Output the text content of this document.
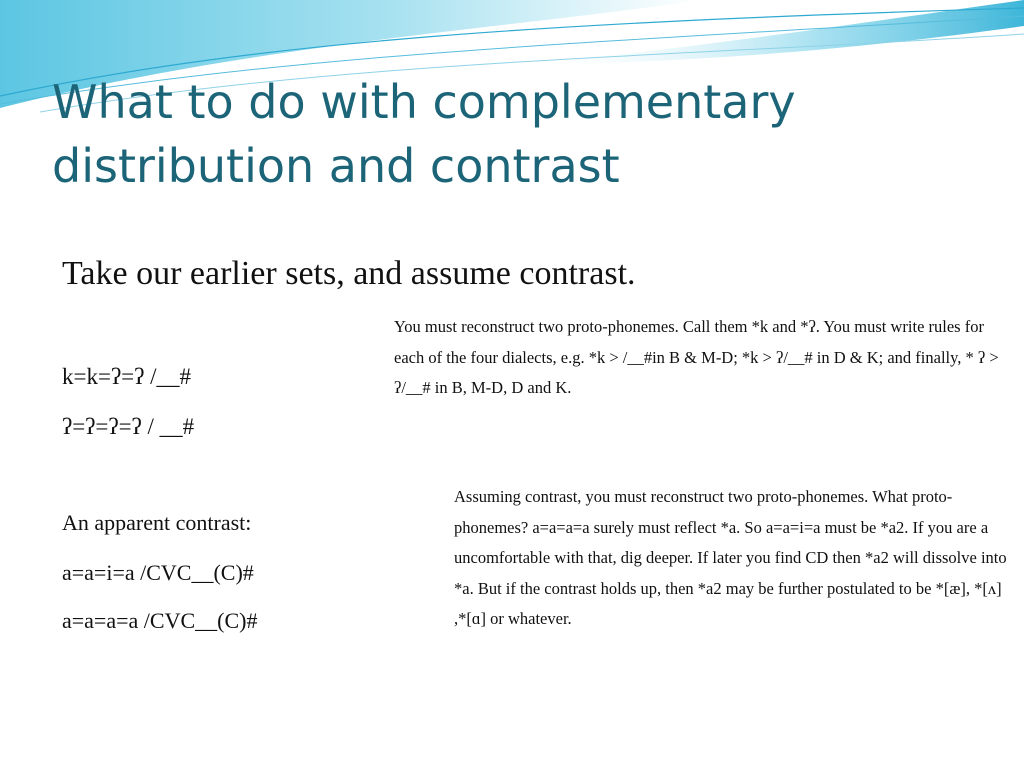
What to do with complementary
distribution and contrast

Take our earlier sets, and assume contrast.

k=k=ʔ=ʔ /__#

ʔ=ʔ=ʔ=ʔ / __#

An apparent contrast:

a=a=i=a /CVC__(C)#

a=a=a=a /CVC__(C)#

You must reconstruct two proto-phonemes. Call them *k and *ʔ. You must write rules for each of the four dialects, e.g. *k > /__#in B & M-D; *k > ʔ/__# in D & K; and finally, * ʔ > ʔ/__# in B, M-D, D and K.

Assuming contrast, you must reconstruct two proto-phonemes. What proto-phonemes? a=a=a=a surely must reflect *a. So a=a=i=a must be *a2. If you are a uncomfortable with that, dig deeper. If later you find CD then *a2 will dissolve into *a. But if the contrast holds up, then *a2 may be further postulated to be *[æ], *[ʌ] ,*[ɑ] or whatever.
